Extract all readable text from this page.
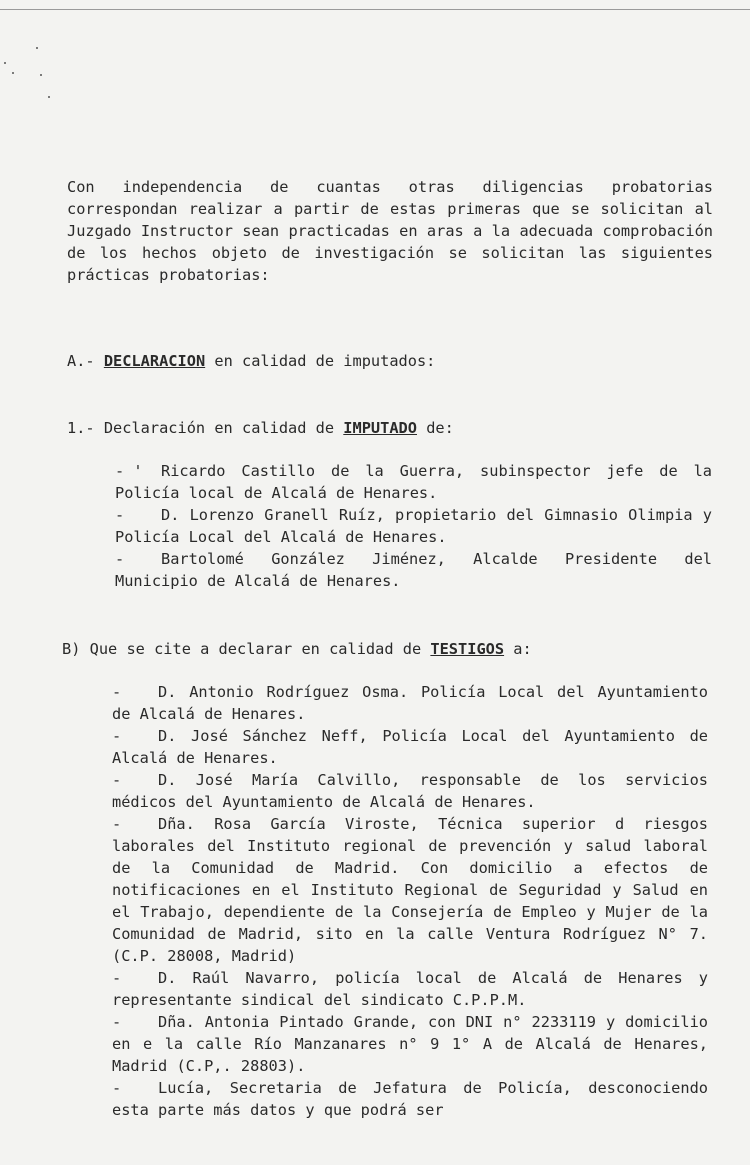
Con independencia de cuantas otras diligencias probatorias correspondan realizar a partir de estas primeras que se solicitan al Juzgado Instructor sean practicadas en aras a la adecuada comprobación de los hechos objeto de investigación se solicitan las siguientes prácticas probatorias:

A.- DECLARACION en calidad de imputados:

1.- Declaración en calidad de IMPUTADO de:

- ' Ricardo Castillo de la Guerra, subinspector jefe de la Policía local de Alcalá de Henares.
- D. Lorenzo Granell Ruíz, propietario del Gimnasio Olimpia y Policía Local del Alcalá de Henares.
- Bartolomé González Jiménez, Alcalde Presidente del Municipio de Alcalá de Henares.

B) Que se cite a declarar en calidad de TESTIGOS a:

- D. Antonio Rodríguez Osma. Policía Local del Ayuntamiento de Alcalá de Henares.
- D. José Sánchez Neff, Policía Local del Ayuntamiento de Alcalá de Henares.
- D. José María Calvillo, responsable de los servicios médicos del Ayuntamiento de Alcalá de Henares.
- Dña. Rosa García Viroste, Técnica superior d riesgos laborales del Instituto regional de prevención y salud laboral de la Comunidad de Madrid. Con domicilio a efectos de notificaciones en el Instituto Regional de Seguridad y Salud en el Trabajo, dependiente de la Consejería de Empleo y Mujer de la Comunidad de Madrid, sito en la calle Ventura Rodríguez N° 7. (C.P. 28008, Madrid)
- D. Raúl Navarro, policía local de Alcalá de Henares y representante sindical del sindicato C.P.P.M.
- Dña. Antonia Pintado Grande, con DNI n° 2233119 y domicilio en e la calle Río Manzanares n° 9 1° A de Alcalá de Henares, Madrid (C.P,. 28803).
- Lucía, Secretaria de Jefatura de Policía, desconociendo esta parte más datos y que podrá ser
